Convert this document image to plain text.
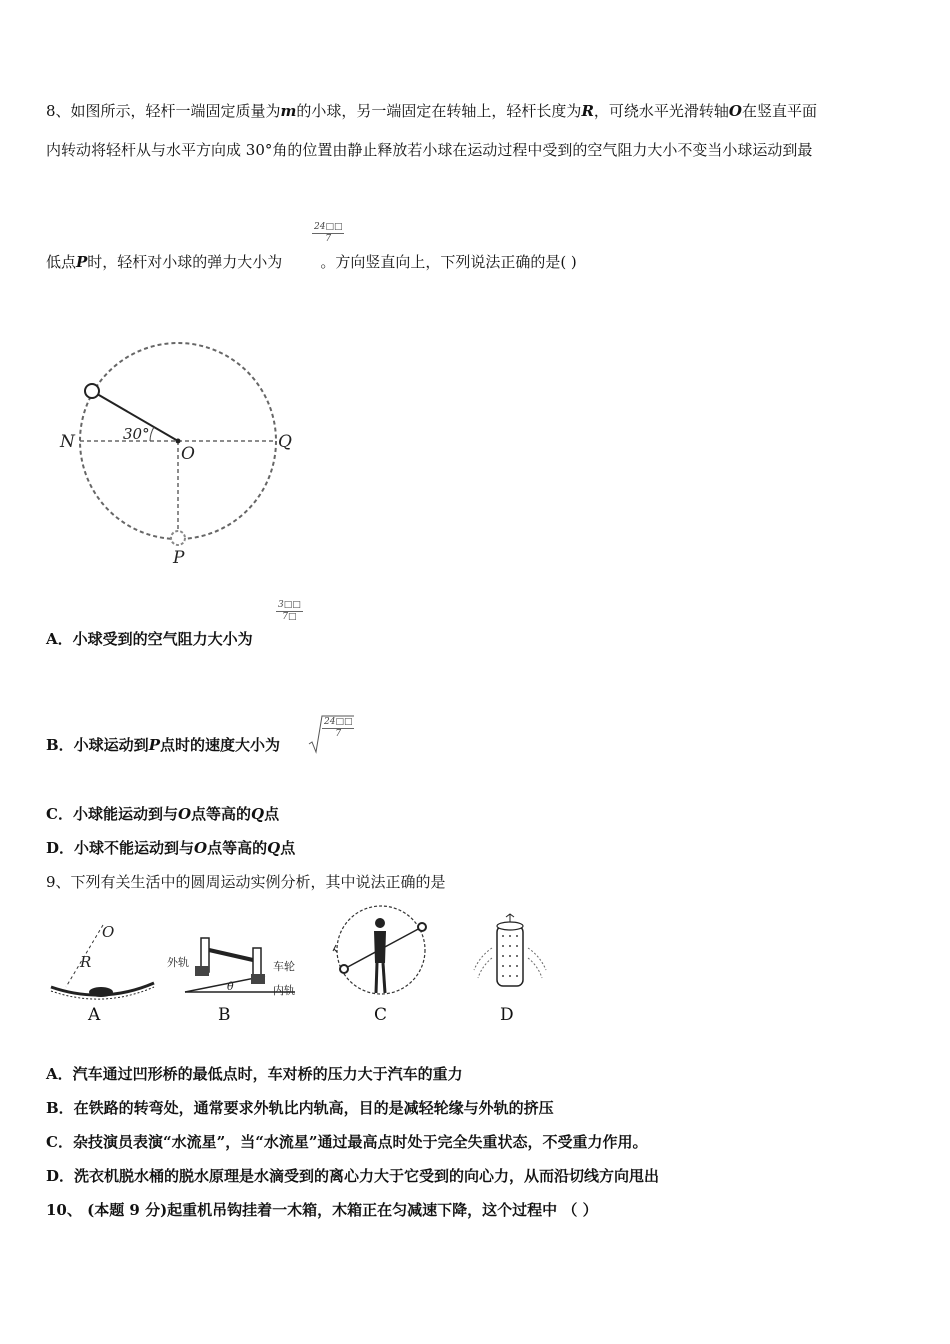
8、如图所示，轻杆一端固定质量为m的小球，另一端固定在转轴上，轻杆长度为R，可绕水平光滑转轴O在竖直平面
内转动将轻杆从与水平方向成 30°角的位置由静止释放若小球在运动过程中受到的空气阻力大小不变当小球运动到最
$\frac{24□□}{7}$
低点P时，轻杆对小球的弹力大小为	。方向竖直向上，下列说法正确的是( )
30°
N
O
Q
P
$\frac{3□□}{7□}$
A．小球受到的空气阻力大小为
B．小球运动到P点时的速度大小为
$\frac{24□□}{7}$
C．小球能运动到与O点等高的Q点
D．小球不能运动到与O点等高的Q点
9、下列有关生活中的圆周运动实例分析，其中说法正确的是
O
R
A
外轨	车轮
内轨
θ
B	C	D
A．汽车通过凹形桥的最低点时，车对桥的压力大于汽车的重力
B．在铁路的转弯处，通常要求外轨比内轨高，目的是减轻轮缘与外轨的挤压
C．杂技演员表演“水流星”，当“水流星”通过最高点时处于完全失重状态，不受重力作用。
D．洗衣机脱水桶的脱水原理是水滴受到的离心力大于它受到的向心力，从而沿切线方向甩出
10、 (本题 9 分)起重机吊钩挂着一木箱，木箱正在匀减速下降，这个过程中 （ ）
